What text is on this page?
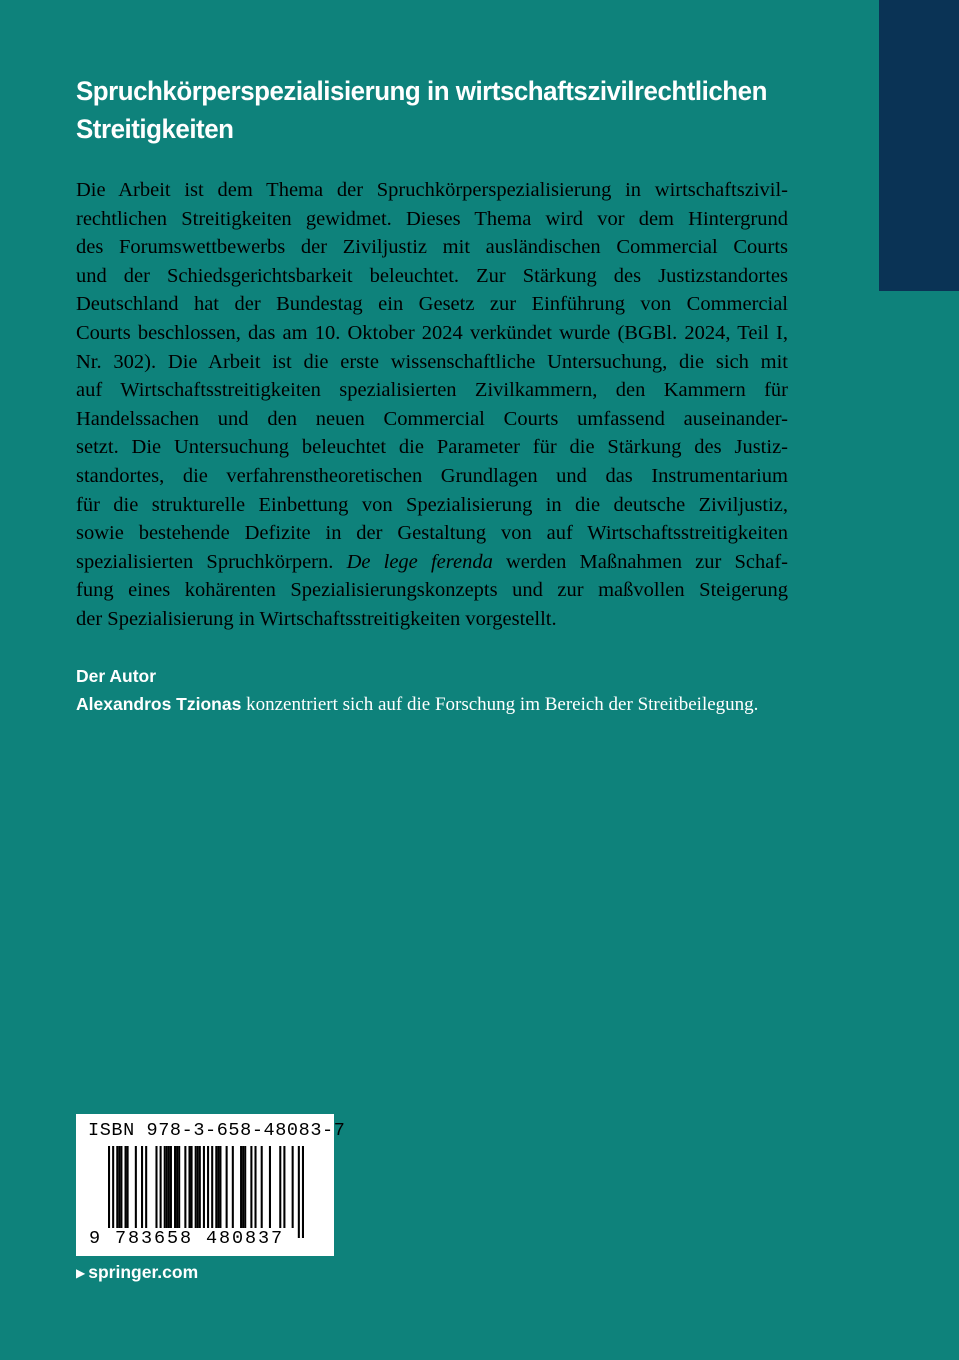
Spruchkörperspezialisierung in wirtschaftszivilrechtlichen
Streitigkeiten
Die Arbeit ist dem Thema der Spruchkörperspezialisierung in wirtschaftszivil-
rechtlichen Streitigkeiten gewidmet. Dieses Thema wird vor dem Hintergrund
des Forumswettbewerbs der Ziviljustiz mit ausländischen Commercial Courts
und der Schiedsgerichtsbarkeit beleuchtet. Zur Stärkung des Justizstandortes
Deutschland hat der Bundestag ein Gesetz zur Einführung von Commercial
Courts beschlossen, das am 10. Oktober 2024 verkündet wurde (BGBl. 2024, Teil I,
Nr. 302). Die Arbeit ist die erste wissenschaftliche Untersuchung, die sich mit
auf Wirtschaftsstreitigkeiten spezialisierten Zivilkammern, den Kammern für
Handelssachen und den neuen Commercial Courts umfassend auseinander-
setzt. Die Untersuchung beleuchtet die Parameter für die Stärkung des Justiz-
standortes, die verfahrenstheoretischen Grundlagen und das Instrumentarium
für die strukturelle Einbettung von Spezialisierung in die deutsche Ziviljustiz,
sowie bestehende Defizite in der Gestaltung von auf Wirtschaftsstreitigkeiten
spezialisierten Spruchkörpern. De lege ferenda werden Maßnahmen zur Schaf-
fung eines kohärenten Spezialisierungskonzepts und zur maßvollen Steigerung
der Spezialisierung in Wirtschaftsstreitigkeiten vorgestellt.
Der Autor
Alexandros Tzionas konzentriert sich auf die Forschung im Bereich der Streitbeilegung.
ISBN 978-3-658-48083-7
9 783658 480837
▶ springer.com
